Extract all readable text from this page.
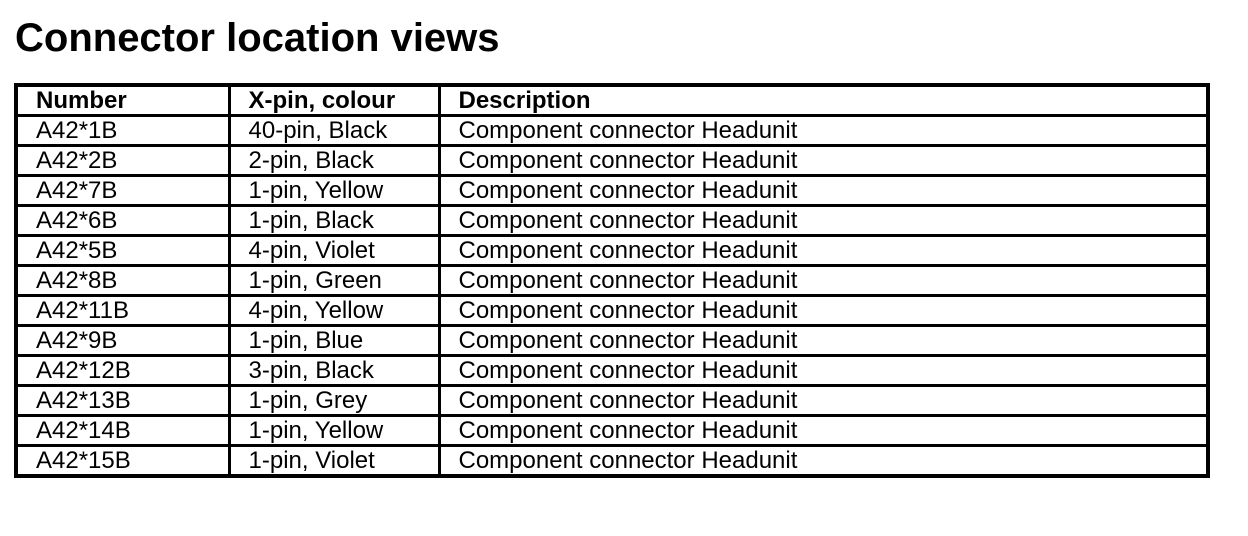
Connector location views
Number	X-pin, colour	Description
A42*1B	40-pin, Black	Component connector Headunit
A42*2B	2-pin, Black	Component connector Headunit
A42*7B	1-pin, Yellow	Component connector Headunit
A42*6B	1-pin, Black	Component connector Headunit
A42*5B	4-pin, Violet	Component connector Headunit
A42*8B	1-pin, Green	Component connector Headunit
A42*11B	4-pin, Yellow	Component connector Headunit
A42*9B	1-pin, Blue	Component connector Headunit
A42*12B	3-pin, Black	Component connector Headunit
A42*13B	1-pin, Grey	Component connector Headunit
A42*14B	1-pin, Yellow	Component connector Headunit
A42*15B	1-pin, Violet	Component connector Headunit
